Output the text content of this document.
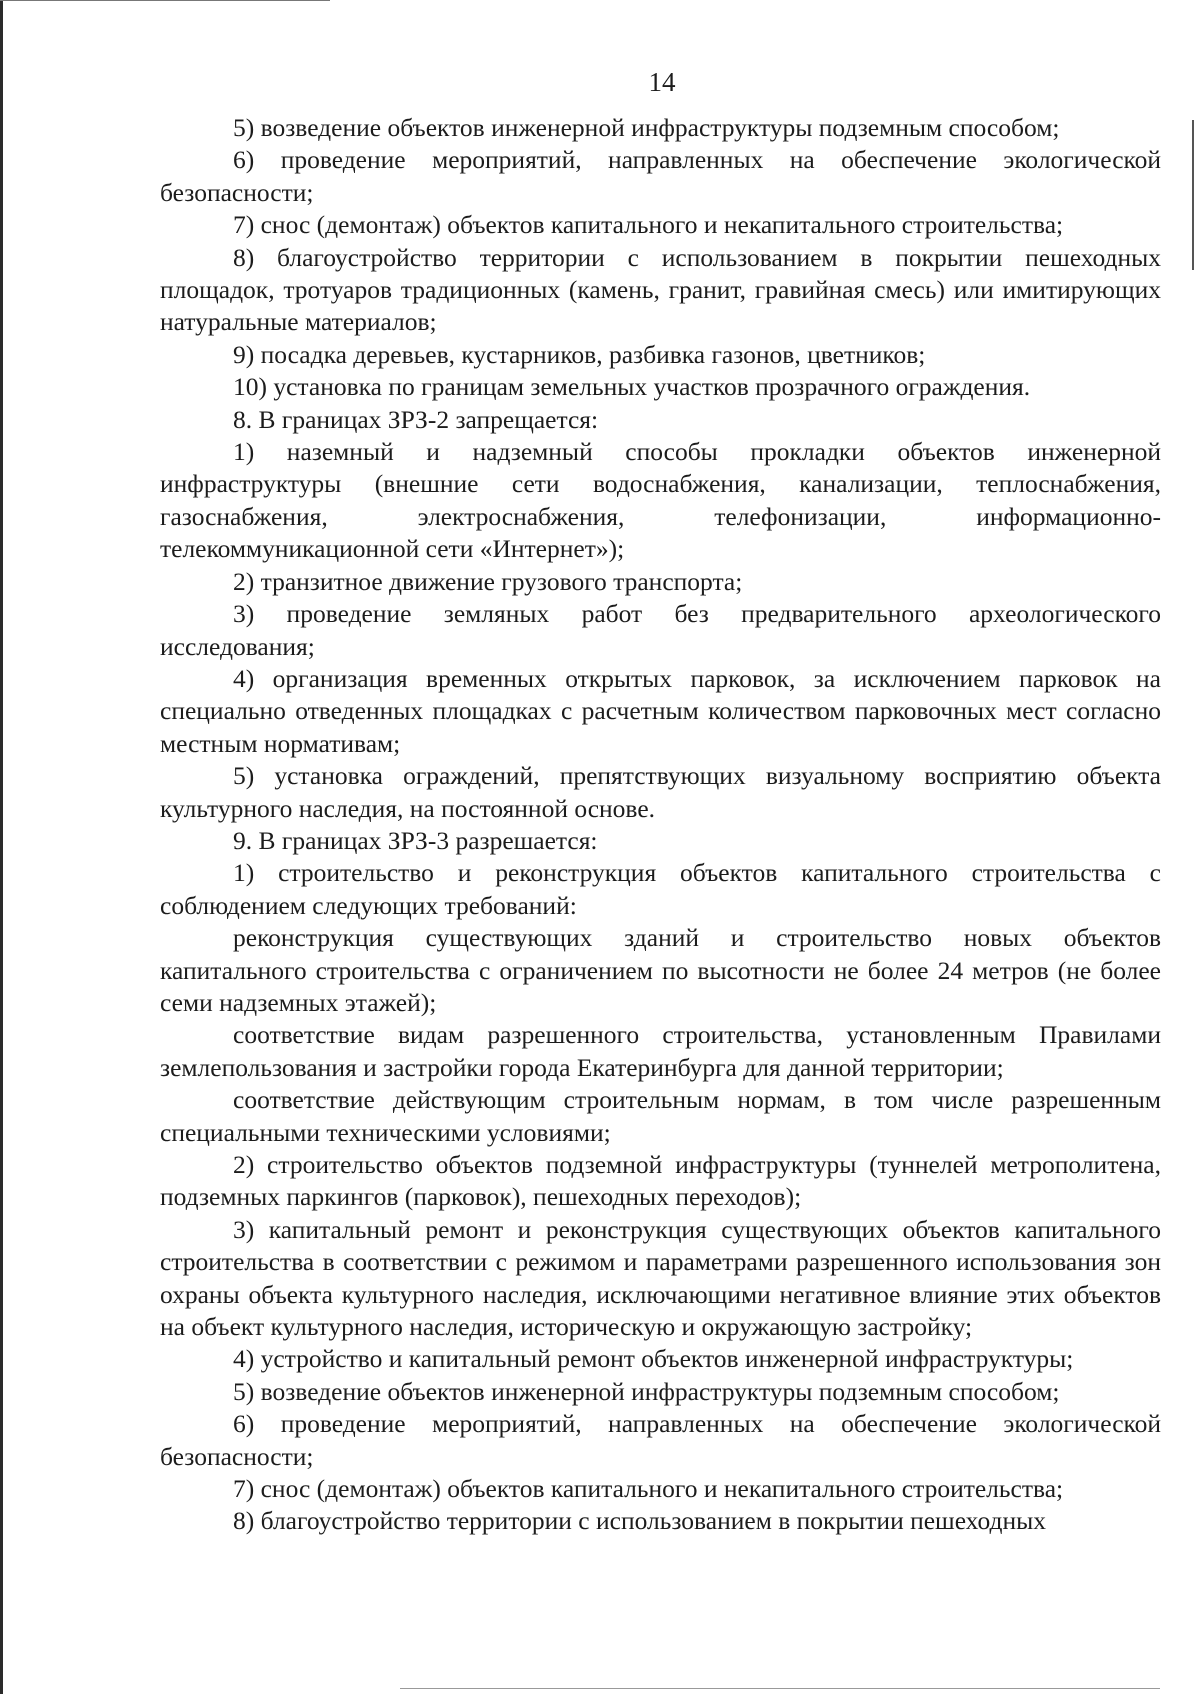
14

5) возведение объектов инженерной инфраструктуры подземным способом;

6) проведение мероприятий, направленных на обеспечение экологической безопасности;

7) снос (демонтаж) объектов капитального и некапитального строительства;

8) благоустройство территории с использованием в покрытии пешеходных площадок, тротуаров традиционных (камень, гранит, гравийная смесь) или имитирующих натуральные материалов;

9) посадка деревьев, кустарников, разбивка газонов, цветников;

10) установка по границам земельных участков прозрачного ограждения.

8. В границах ЗРЗ-2 запрещается:

1) наземный и надземный способы прокладки объектов инженерной инфраструктуры (внешние сети водоснабжения, канализации, теплоснабжения, газоснабжения, электроснабжения, телефонизации, информационно-телекоммуникационной сети «Интернет»);

2) транзитное движение грузового транспорта;

3) проведение земляных работ без предварительного археологического исследования;

4) организация временных открытых парковок, за исключением парковок на специально отведенных площадках с расчетным количеством парковочных мест согласно местным нормативам;

5) установка ограждений, препятствующих визуальному восприятию объекта культурного наследия, на постоянной основе.

9. В границах ЗРЗ-3 разрешается:

1) строительство и реконструкция объектов капитального строительства с соблюдением следующих требований:

реконструкция существующих зданий и строительство новых объектов капитального строительства с ограничением по высотности не более 24 метров (не более семи надземных этажей);

соответствие видам разрешенного строительства, установленным Правилами землепользования и застройки города Екатеринбурга для данной территории;

соответствие действующим строительным нормам, в том числе разрешенным специальными техническими условиями;

2) строительство объектов подземной инфраструктуры (туннелей метрополитена, подземных паркингов (парковок), пешеходных переходов);

3) капитальный ремонт и реконструкция существующих объектов капитального строительства в соответствии с режимом и параметрами разрешенного использования зон охраны объекта культурного наследия, исключающими негативное влияние этих объектов на объект культурного наследия, историческую и окружающую застройку;

4) устройство и капитальный ремонт объектов инженерной инфраструктуры;

5) возведение объектов инженерной инфраструктуры подземным способом;

6) проведение мероприятий, направленных на обеспечение экологической безопасности;

7) снос (демонтаж) объектов капитального и некапитального строительства;

8) благоустройство территории с использованием в покрытии пешеходных
